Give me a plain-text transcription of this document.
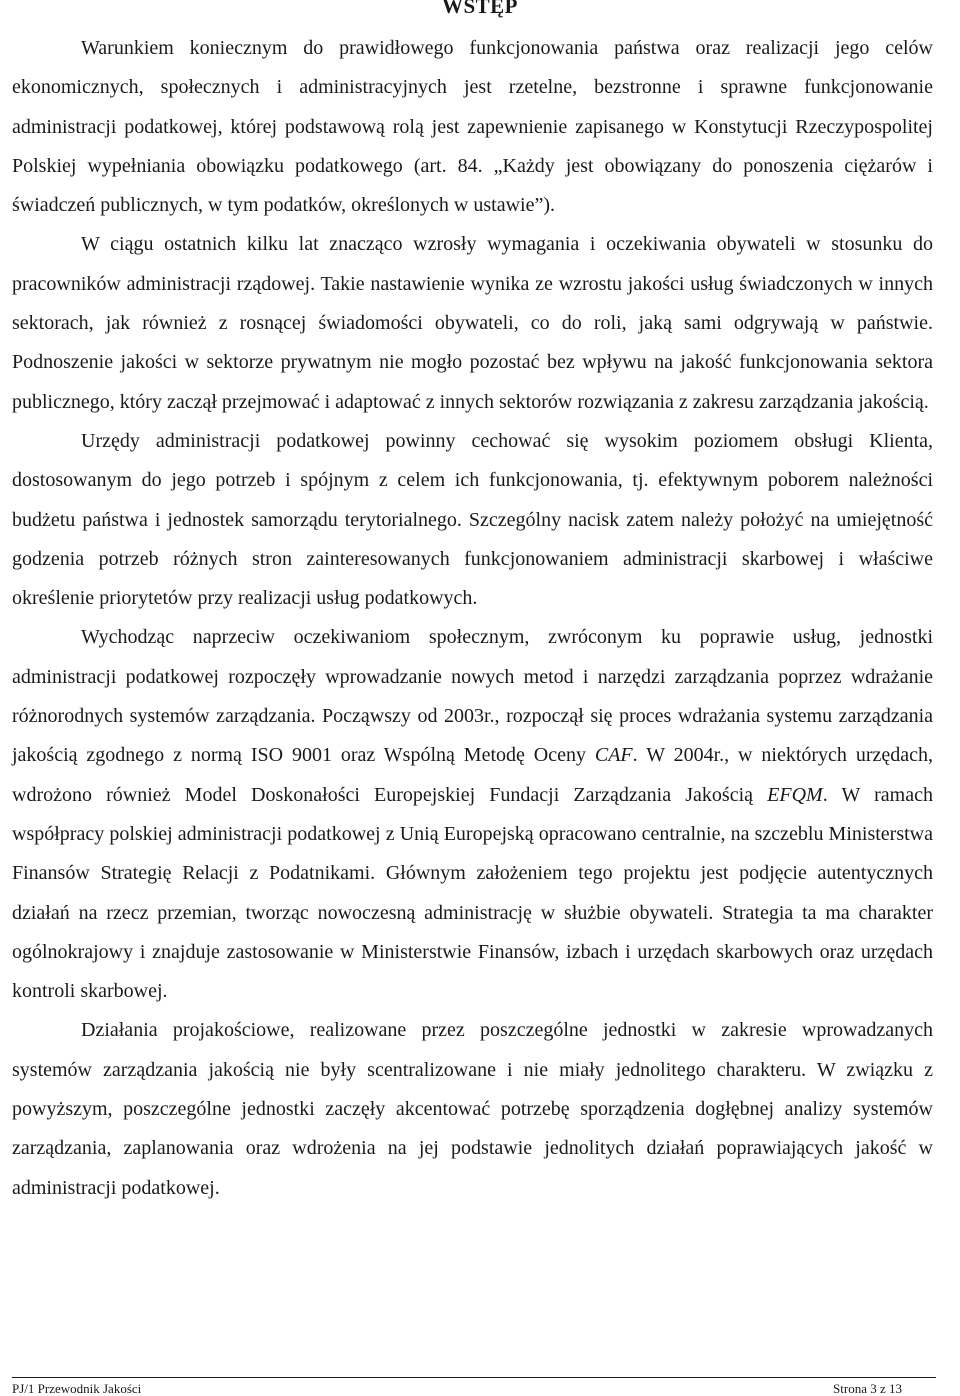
WSTĘP

Warunkiem koniecznym do prawidłowego funkcjonowania państwa oraz realizacji jego celów ekonomicznych, społecznych i administracyjnych jest rzetelne, bezstronne i sprawne funkcjonowanie administracji podatkowej, której podstawową rolą jest zapewnienie zapisanego w Konstytucji Rzeczypospolitej Polskiej wypełniania obowiązku podatkowego (art. 84. „Każdy jest obowiązany do ponoszenia ciężarów i świadczeń publicznych, w tym podatków, określonych w ustawie”).

W ciągu ostatnich kilku lat znacząco wzrosły wymagania i oczekiwania obywateli w stosunku do pracowników administracji rządowej. Takie nastawienie wynika ze wzrostu jakości usług świadczonych w innych sektorach, jak również z rosnącej świadomości obywateli, co do roli, jaką sami odgrywają w państwie. Podnoszenie jakości w sektorze prywatnym nie mogło pozostać bez wpływu na jakość funkcjonowania sektora publicznego, który zaczął przejmować i adaptować z innych sektorów rozwiązania z zakresu zarządzania jakością.

Urzędy administracji podatkowej powinny cechować się wysokim poziomem obsługi Klienta, dostosowanym do jego potrzeb i spójnym z celem ich funkcjonowania, tj. efektywnym poborem należności budżetu państwa i jednostek samorządu terytorialnego. Szczególny nacisk zatem należy położyć na umiejętność godzenia potrzeb różnych stron zainteresowanych funkcjonowaniem administracji skarbowej i właściwe określenie priorytetów przy realizacji usług podatkowych.

Wychodząc naprzeciw oczekiwaniom społecznym, zwróconym ku poprawie usług, jednostki administracji podatkowej rozpoczęły wprowadzanie nowych metod i narzędzi zarządzania poprzez wdrażanie różnorodnych systemów zarządzania. Począwszy od 2003r., rozpoczął się proces wdrażania systemu zarządzania jakością zgodnego z normą ISO 9001 oraz Wspólną Metodę Oceny CAF. W 2004r., w niektórych urzędach, wdrożono również Model Doskonałości Europejskiej Fundacji Zarządzania Jakością EFQM. W ramach współpracy polskiej administracji podatkowej z Unią Europejską opracowano centralnie, na szczeblu Ministerstwa Finansów Strategię Relacji z Podatnikami. Głównym założeniem tego projektu jest podjęcie autentycznych działań na rzecz przemian, tworząc nowoczesną administrację w służbie obywateli. Strategia ta ma charakter ogólnokrajowy i znajduje zastosowanie w Ministerstwie Finansów, izbach i urzędach skarbowych oraz urzędach kontroli skarbowej.

Działania projakościowe, realizowane przez poszczególne jednostki w zakresie wprowadzanych systemów zarządzania jakością nie były scentralizowane i nie miały jednolitego charakteru. W związku z powyższym, poszczególne jednostki zaczęły akcentować potrzebę sporządzenia dogłębnej analizy systemów zarządzania, zaplanowania oraz wdrożenia na jej podstawie jednolitych działań poprawiających jakość w administracji podatkowej.

PJ/1 Przewodnik Jakości	Strona 3 z 13
